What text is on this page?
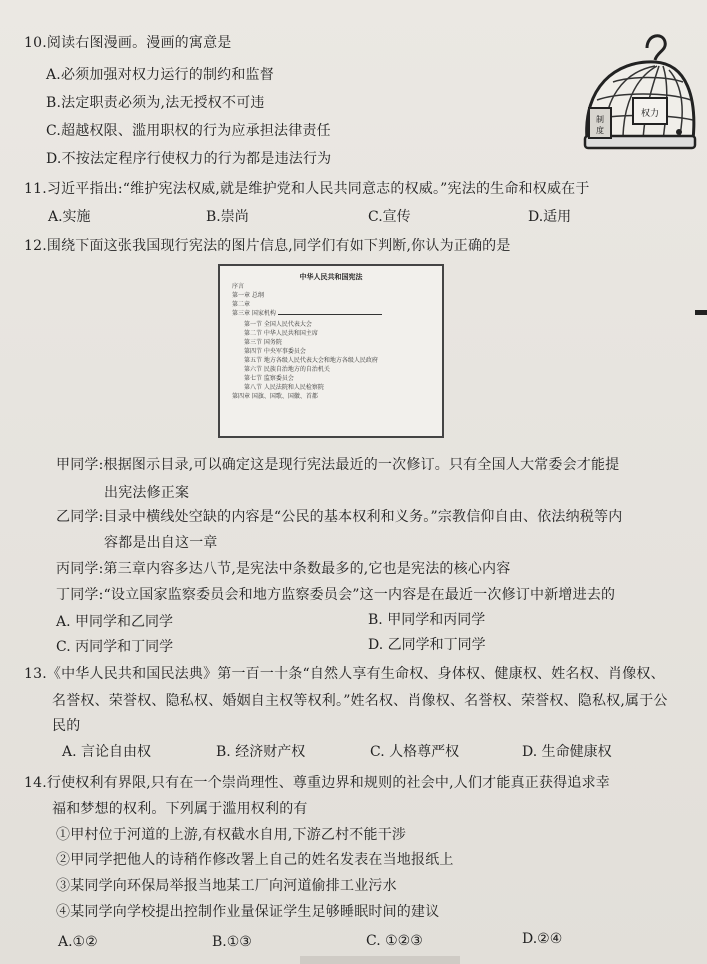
10.阅读右图漫画。漫画的寓意是
A.必须加强对权力运行的制约和监督
B.法定职责必须为,法无授权不可违
C.超越权限、滥用职权的行为应承担法律责任
D.不按法定程序行使权力的行为都是违法行为
权力
制
度
11.习近平指出:“维护宪法权威,就是维护党和人民共同意志的权威。”宪法的生命和权威在于
A.实施	B.崇尚	C.宣传	D.适用
12.围绕下面这张我国现行宪法的图片信息,同学们有如下判断,你认为正确的是
中华人民共和国宪法
序言
第一章 总纲
第二章
第三章 国家机构
第一节 全国人民代表大会
第二节 中华人民共和国主席
第三节 国务院
第四节 中央军事委员会
第五节 地方各级人民代表大会和地方各级人民政府
第六节 民族自治地方的自治机关
第七节 监察委员会
第八节 人民法院和人民检察院
第四章 国旗、国歌、国徽、首都
甲同学:根据图示目录,可以确定这是现行宪法最近的一次修订。只有全国人大常委会才能提
出宪法修正案
乙同学:目录中横线处空缺的内容是“公民的基本权利和义务。”宗教信仰自由、依法纳税等内
容都是出自这一章
丙同学:第三章内容多达八节,是宪法中条数最多的,它也是宪法的核心内容
丁同学:“设立国家监察委员会和地方监察委员会”这一内容是在最近一次修订中新增进去的
A. 甲同学和乙同学	B. 甲同学和丙同学
C. 丙同学和丁同学	D. 乙同学和丁同学
13.《中华人民共和国民法典》第一百一十条“自然人享有生命权、身体权、健康权、姓名权、肖像权、
名誉权、荣誉权、隐私权、婚姻自主权等权利。”姓名权、肖像权、名誉权、荣誉权、隐私权,属于公
民的
A. 言论自由权	B. 经济财产权	C. 人格尊严权	D. 生命健康权
14.行使权利有界限,只有在一个崇尚理性、尊重边界和规则的社会中,人们才能真正获得追求幸
福和梦想的权利。下列属于滥用权利的有
①甲村位于河道的上游,有权截水自用,下游乙村不能干涉
②甲同学把他人的诗稍作修改署上自己的姓名发表在当地报纸上
③某同学向环保局举报当地某工厂向河道偷排工业污水
④某同学向学校提出控制作业量保证学生足够睡眠时间的建议
A.①②	B.①③	C. ①②③	D.②④
